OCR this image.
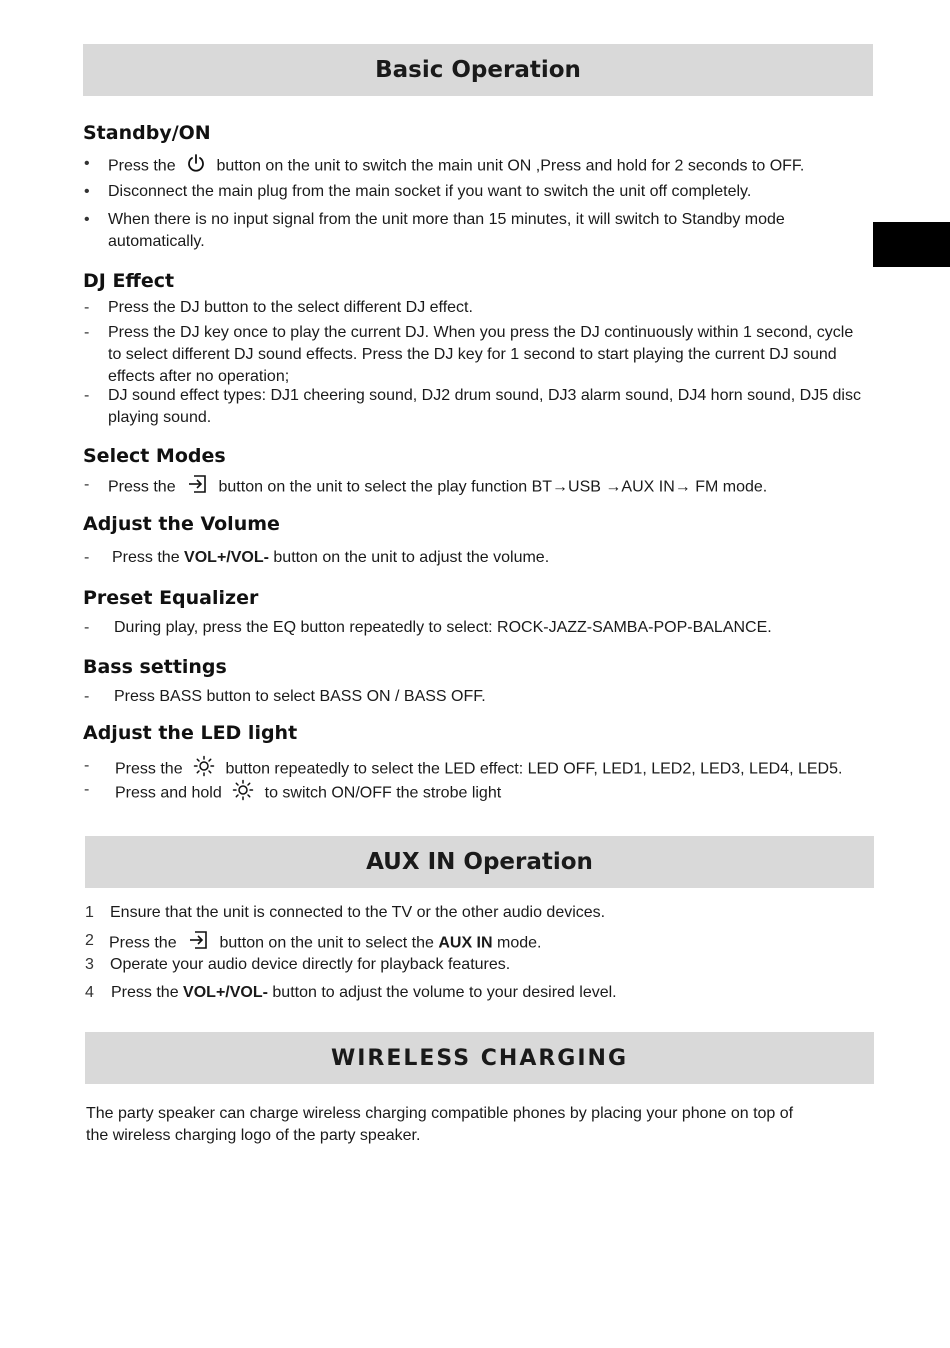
Basic Operation
Standby/ON
• Press the	button on the unit to switch the main unit ON ,Press and hold for 2 seconds to OFF.
• Disconnect the main plug from the main socket if you want to switch the unit off completely.
• When there is no input signal from the unit more than 15 minutes, it will switch to Standby mode
automatically.
DJ Effect
- Press the DJ button to the select different DJ effect.
- Press the DJ key once to play the current DJ. When you press the DJ continuously within 1 second, cycle
to select different DJ sound effects. Press the DJ key for 1 second to start playing the current DJ sound
effects after no operation;
- DJ sound effect types: DJ1 cheering sound, DJ2 drum sound, DJ3 alarm sound, DJ4 horn sound, DJ5 disc
playing sound.
Select Modes
- Press the	button on the unit to select the play function BT→USB →AUX IN→ FM mode.
Adjust the Volume
- Press the VOL+/VOL- button on the unit to adjust the volume.
Preset Equalizer
- During play, press the EQ button repeatedly to select: ROCK-JAZZ-SAMBA-POP-BALANCE.
Bass settings
- Press BASS button to select BASS ON / BASS OFF.
Adjust the LED light
- Press the	button repeatedly to select the LED effect: LED OFF, LED1, LED2, LED3, LED4, LED5.
- Press and hold	to switch ON/OFF the strobe light
AUX IN Operation
1 Ensure that the unit is connected to the TV or the other audio devices.
2 Press the	button on the unit to select the AUX IN mode.
3 Operate your audio device directly for playback features.
4 Press the VOL+/VOL- button to adjust the volume to your desired level.
WIRELESS CHARGING
The party speaker can charge wireless charging compatible phones by placing your phone on top of
the wireless charging logo of the party speaker.
